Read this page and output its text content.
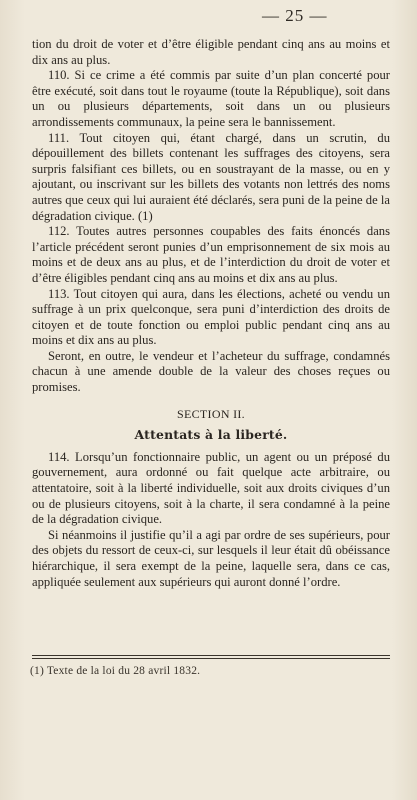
— 25 —

tion du droit de voter et d’être éligible pendant cinq ans au moins et dix ans au plus.

110. Si ce crime a été commis par suite d’un plan concerté pour être exécuté, soit dans tout le royaume (toute la République), soit dans un ou plusieurs départements, soit dans un ou plusieurs arrondissements communaux, la peine sera le bannissement.

111. Tout citoyen qui, étant chargé, dans un scrutin, du dépouillement des billets contenant les suffrages des citoyens, sera surpris falsifiant ces billets, ou en soustrayant de la masse, ou en y ajoutant, ou inscrivant sur les billets des votants non lettrés des noms autres que ceux qui lui auraient été déclarés, sera puni de la peine de la dégradation civique. (1)

112. Toutes autres personnes coupables des faits énoncés dans l’article précédent seront punies d’un emprisonnement de six mois au moins et de deux ans au plus, et de l’interdiction du droit de voter et d’être éligibles pendant cinq ans au moins et dix ans au plus.

113. Tout citoyen qui aura, dans les élections, acheté ou vendu un suffrage à un prix quelconque, sera puni d’interdiction des droits de citoyen et de toute fonction ou emploi public pendant cinq ans au moins et dix ans au plus.

Seront, en outre, le vendeur et l’acheteur du suffrage, condamnés chacun à une amende double de la valeur des choses reçues ou promises.

SECTION II.

Attentats à la liberté.

114. Lorsqu’un fonctionnaire public, un agent ou un préposé du gouvernement, aura ordonné ou fait quelque acte arbitraire, ou attentatoire, soit à la liberté individuelle, soit aux droits civiques d’un ou de plusieurs citoyens, soit à la charte, il sera condamné à la peine de la dégradation civique.

Si néanmoins il justifie qu’il a agi par ordre de ses supérieurs, pour des objets du ressort de ceux-ci, sur lesquels il leur était dû obéissance hiérarchique, il sera exempt de la peine, laquelle sera, dans ce cas, appliquée seulement aux supérieurs qui auront donné l’ordre.

(1) Texte de la loi du 28 avril 1832.
